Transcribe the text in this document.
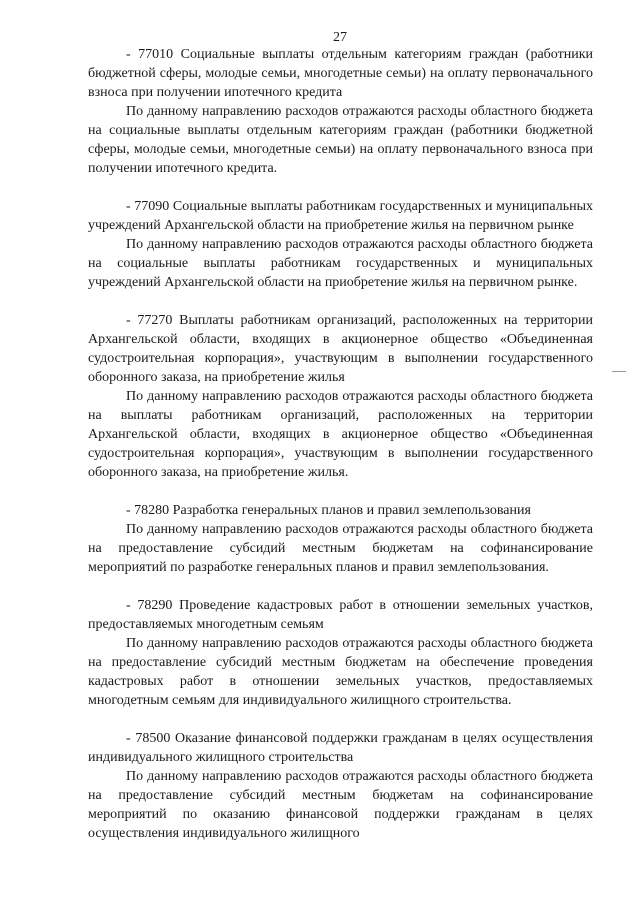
27

- 77010 Социальные выплаты отдельным категориям граждан (работники бюджетной сферы, молодые семьи, многодетные семьи) на оплату первоначального взноса при получении ипотечного кредита

По данному направлению расходов отражаются расходы областного бюджета на социальные выплаты отдельным категориям граждан (работники бюджетной сферы, молодые семьи, многодетные семьи) на оплату первоначального взноса при получении ипотечного кредита.

- 77090 Социальные выплаты работникам государственных и муниципальных учреждений Архангельской области на приобретение жилья на первичном рынке

По данному направлению расходов отражаются расходы областного бюджета на социальные выплаты работникам государственных и муниципальных учреждений Архангельской области на приобретение жилья на первичном рынке.

- 77270 Выплаты работникам организаций, расположенных на территории Архангельской области, входящих в акционерное общество «Объединенная судостроительная корпорация», участвующим в выполнении государственного оборонного заказа, на приобретение жилья

По данному направлению расходов отражаются расходы областного бюджета на выплаты работникам организаций, расположенных на территории Архангельской области, входящих в акционерное общество «Объединенная судостроительная корпорация», участвующим в выполнении государственного оборонного заказа, на приобретение жилья.

- 78280 Разработка генеральных планов и правил землепользования

По данному направлению расходов отражаются расходы областного бюджета на предоставление субсидий местным бюджетам на софинансирование мероприятий по разработке генеральных планов и правил землепользования.

- 78290 Проведение кадастровых работ в отношении земельных участков, предоставляемых многодетным семьям

По данному направлению расходов отражаются расходы областного бюджета на предоставление субсидий местным бюджетам на обеспечение проведения кадастровых работ в отношении земельных участков, предоставляемых многодетным семьям для индивидуального жилищного строительства.

- 78500 Оказание финансовой поддержки гражданам в целях осуществления индивидуального жилищного строительства

По данному направлению расходов отражаются расходы областного бюджета на предоставление субсидий местным бюджетам на софинансирование мероприятий по оказанию финансовой поддержки гражданам в целях осуществления индивидуального жилищного
